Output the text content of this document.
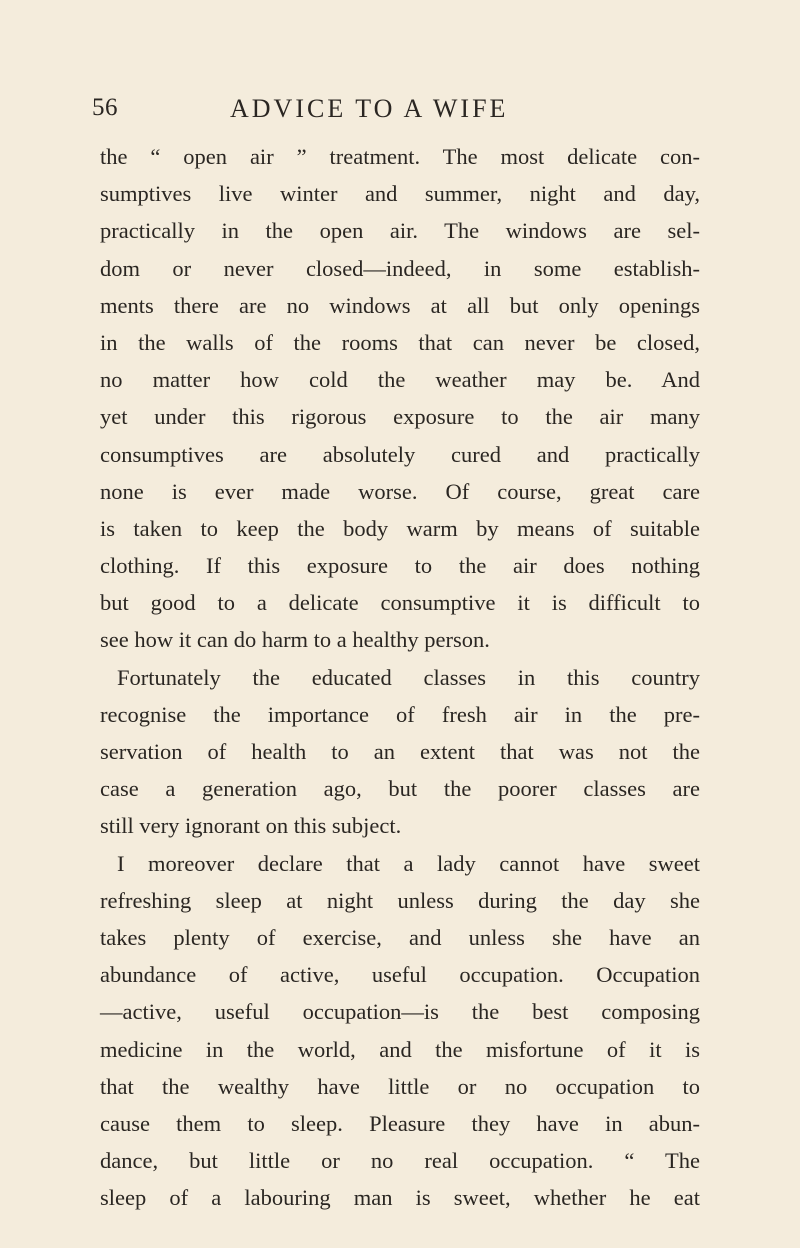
56	ADVICE TO A WIFE
the “ open air ” treatment. The most delicate con-
sumptives live winter and summer, night and day,
practically in the open air. The windows are sel-
dom or never closed—indeed, in some establish-
ments there are no windows at all but only openings
in the walls of the rooms that can never be closed,
no matter how cold the weather may be. And
yet under this rigorous exposure to the air many
consumptives are absolutely cured and practically
none is ever made worse. Of course, great care
is taken to keep the body warm by means of suitable
clothing. If this exposure to the air does nothing
but good to a delicate consumptive it is difficult to
see how it can do harm to a healthy person.
Fortunately the educated classes in this country
recognise the importance of fresh air in the pre-
servation of health to an extent that was not the
case a generation ago, but the poorer classes are
still very ignorant on this subject.
I moreover declare that a lady cannot have sweet
refreshing sleep at night unless during the day she
takes plenty of exercise, and unless she have an
abundance of active, useful occupation. Occupation
—active, useful occupation—is the best composing
medicine in the world, and the misfortune of it is
that the wealthy have little or no occupation to
cause them to sleep. Pleasure they have in abun-
dance, but little or no real occupation. “ The
sleep of a labouring man is sweet, whether he eat
